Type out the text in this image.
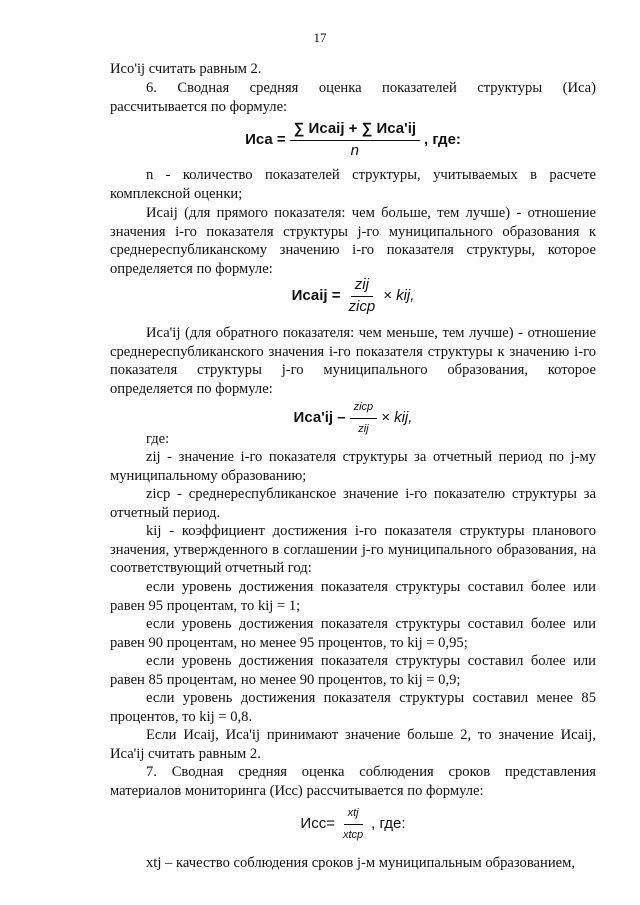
17

Исо'ij считать равным 2.

6. Сводная средняя оценка показателей структуры (Иса)

рассчитывается по формуле:

Иса = $\frac{\text{∑ Исаij + ∑ Иса'ij}}{n}$ , где:

n - количество показателей структуры, учитываемых в расчете комплексной оценки;

Исаij (для прямого показателя: чем больше, тем лучше) - отношение значения i-го показателя структуры j-го муниципального образования к среднереспубликанскому значению i-го показателя структуры, которое определяется по формуле:

Исаij = $\frac{\text{zij}}{\text{zicp}}$ × kij,

Иса'ij (для обратного показателя: чем меньше, тем лучше) - отношение среднереспубликанского значения i-го показателя структуры к значению i-го показателя структуры j-го муниципального образования, которое определяется по формуле:

$Иса'ij - \frac{\text{zicp}}{\text{zij}}$ × kij,

где:

zij - значение i-го показателя структуры за отчетный период по j-му муниципальному образованию;

zicp - среднереспубликанское значение i-го показателю структуры за отчетный период.

kij - коэффициент достижения i-го показателя структуры планового значения, утвержденного в соглашении j-го муниципального образования, на соответствующий отчетный год:

если уровень достижения показателя структуры составил более или равен 95 процентам, то kij = 1;

если уровень достижения показателя структуры составил более или равен 90 процентам, но менее 95 процентов, то kij = 0,95;

если уровень достижения показателя структуры составил более или равен 85 процентам, но менее 90 процентов, то kij = 0,9;

если уровень достижения показателя структуры составил менее 85 процентов, то kij = 0,8.

Если Исаij, Иса'ij принимают значение больше 2, то значение Исаij, Иса'ij считать равным 2.

7. Сводная средняя оценка соблюдения сроков представления материалов мониторинга (Исс) рассчитывается по формуле:

$Исс= \frac{\text{xtj}}{\text{xtcp}}$ , где:

xtj – качество соблюдения сроков j-м муниципальным образованием,
